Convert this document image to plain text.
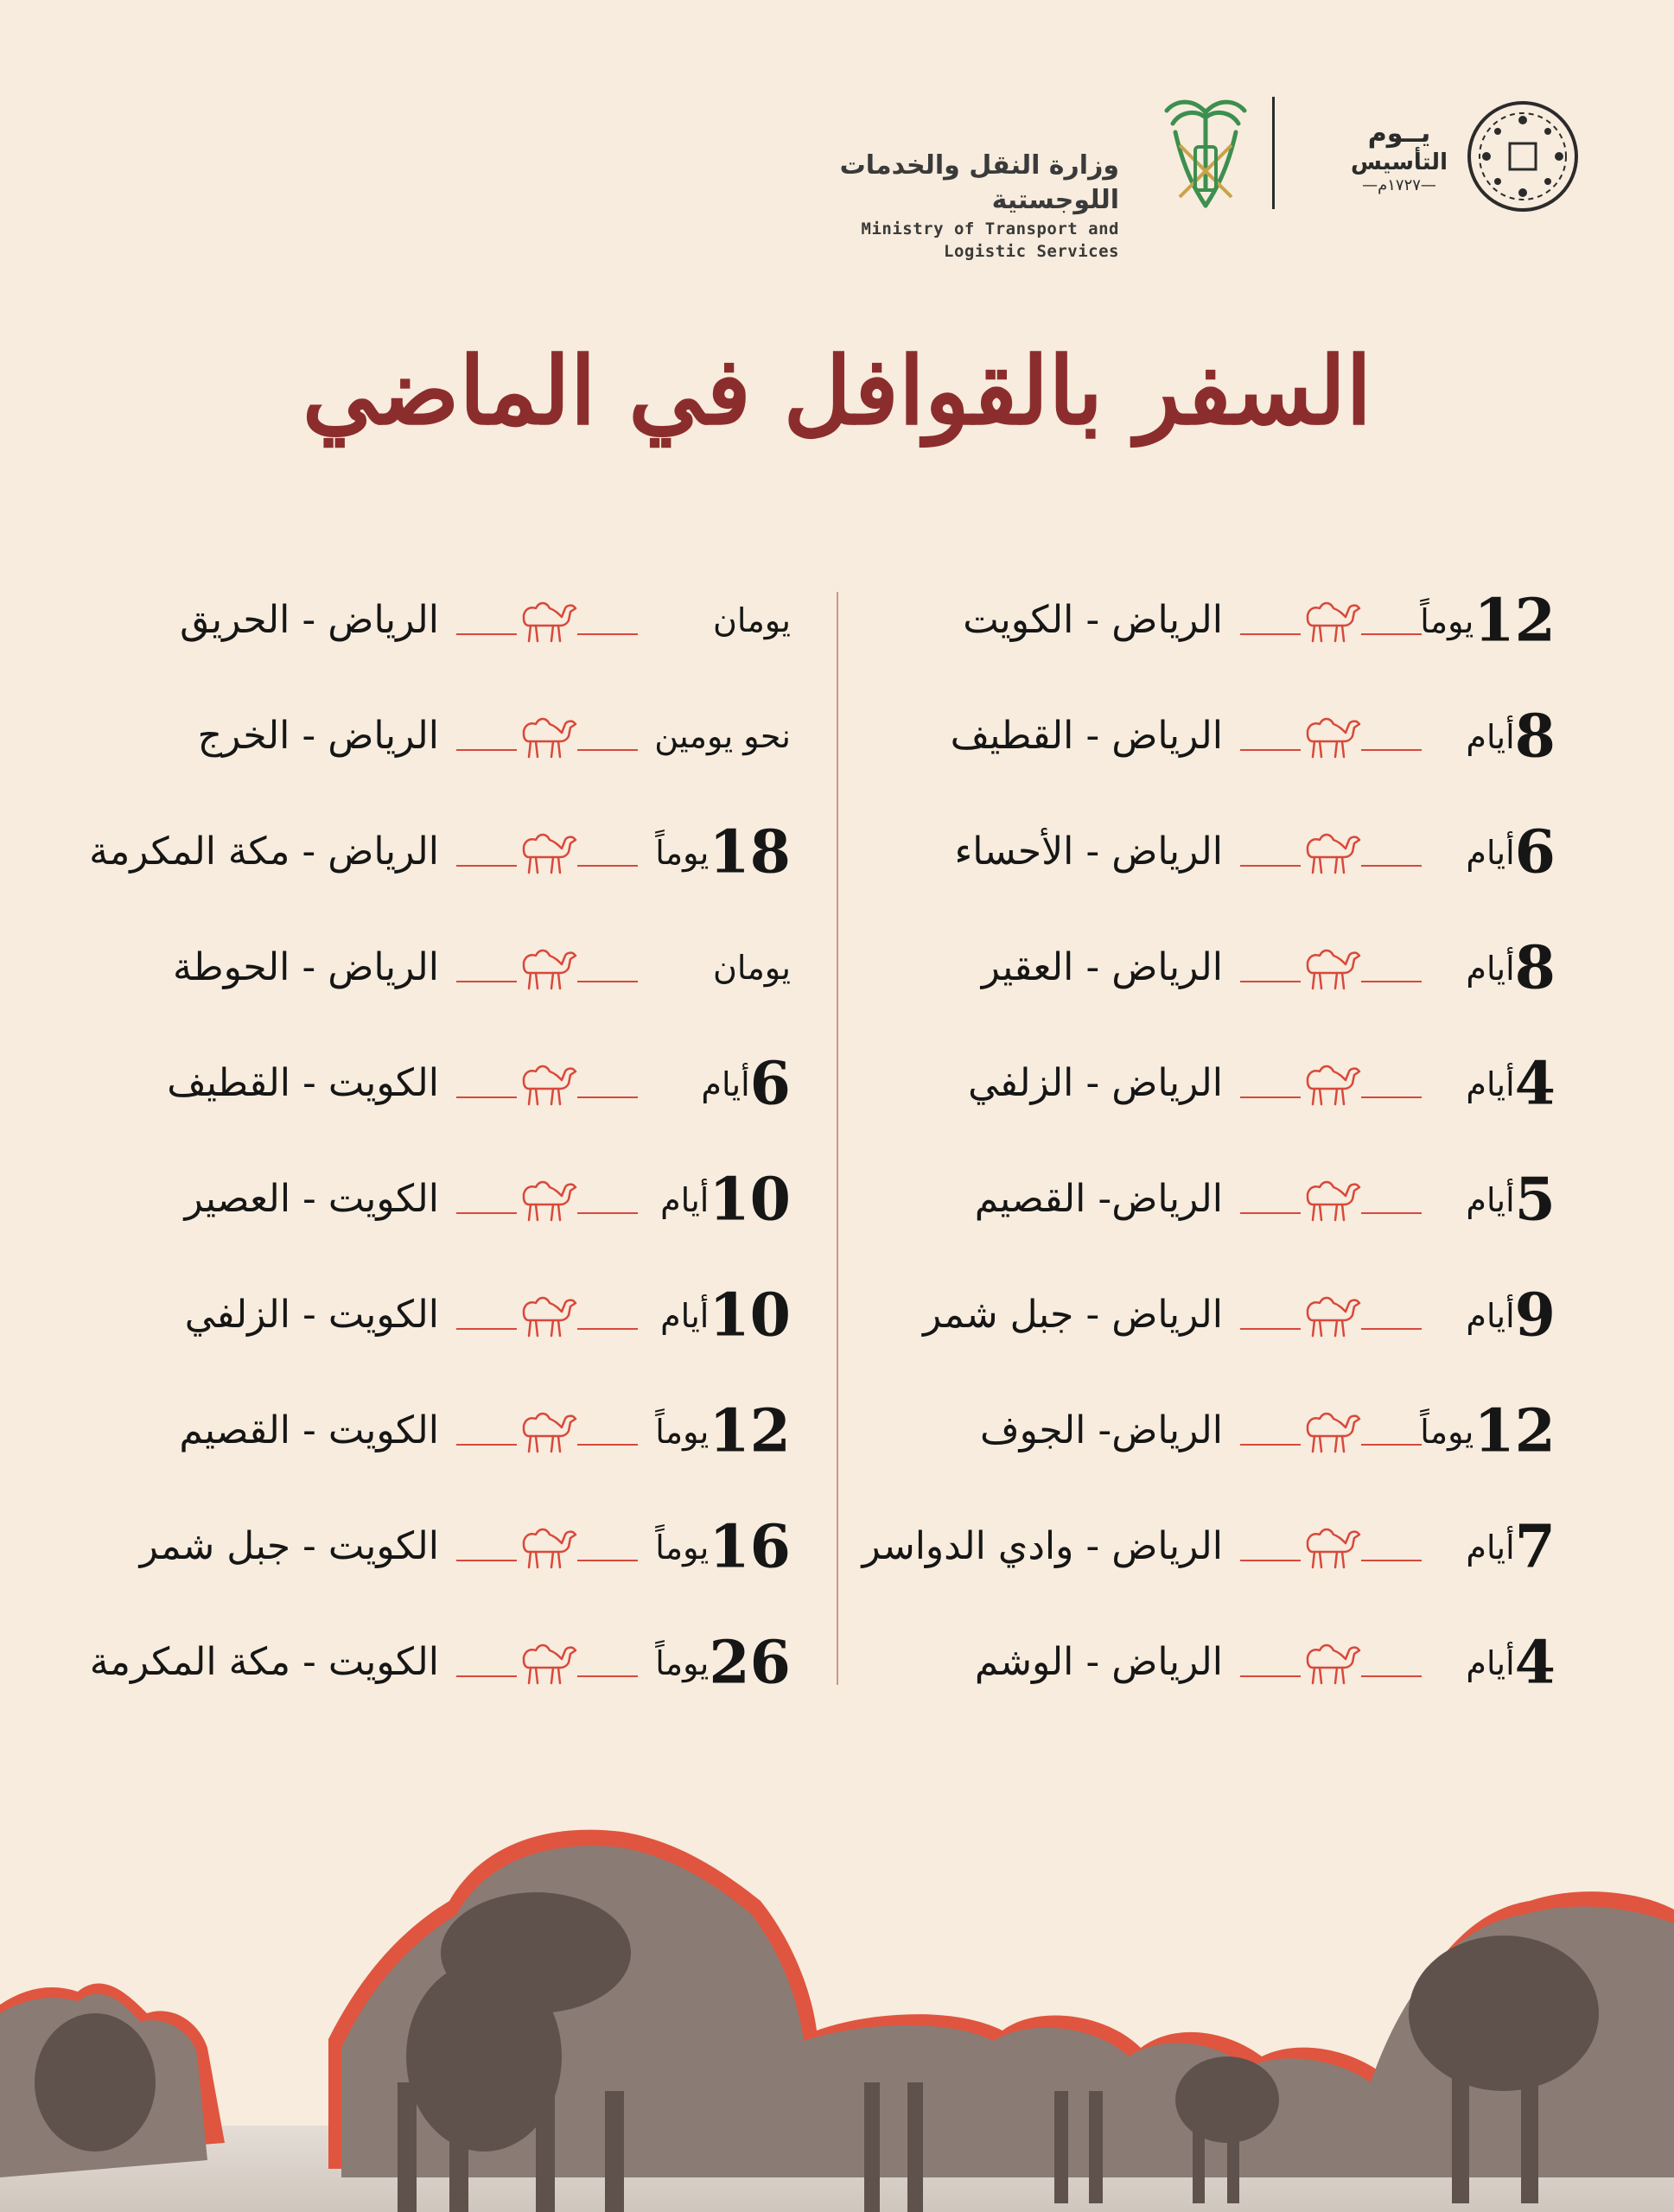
وزارة النقل والخدمات اللوجستية
Ministry of Transport and Logistic Services
يــوم
التأسيس
—١٧٢٧م—
السفر بالقوافل في الماضي
الرياض - الكويت	12يوماً
الرياض - القطيف	8أيام
الرياض - الأحساء	6أيام
الرياض - العقير	8أيام
الرياض - الزلفي	4أيام
الرياض- القصيم	5أيام
الرياض - جبل شمر	9أيام
الرياض- الجوف	12يوماً
الرياض - وادي الدواسر	7أيام
الرياض - الوشم	4أيام
الرياض - الحريق	يومان
الرياض - الخرج	نحو يومين
الرياض - مكة المكرمة	18يوماً
الرياض - الحوطة	يومان
الكويت - القطيف	6أيام
الكويت - العصير	10أيام
الكويت - الزلفي	10أيام
الكويت - القصيم	12يوماً
الكويت - جبل شمر	16يوماً
الكويت - مكة المكرمة	26يوماً
